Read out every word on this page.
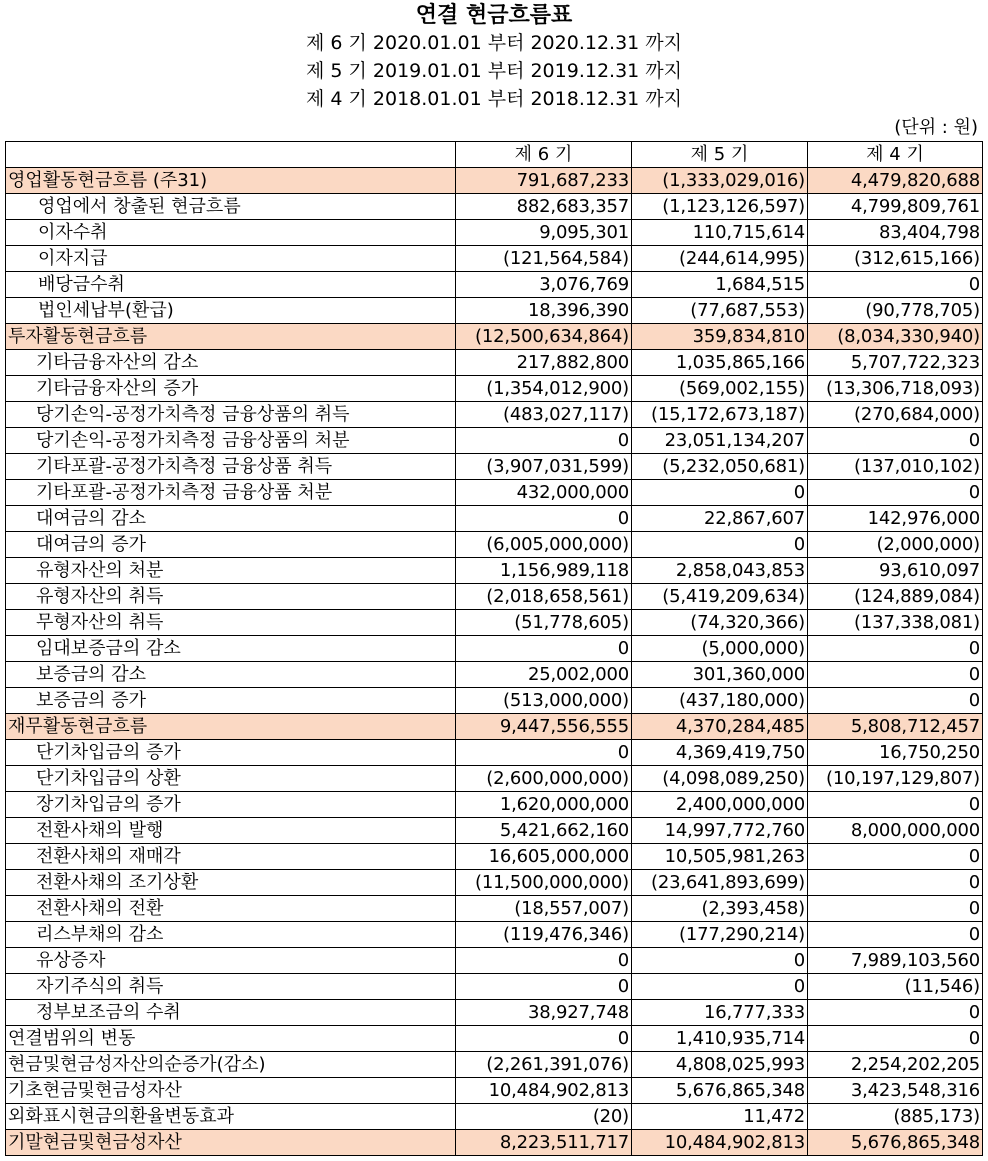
연결 현금흐름표
제 6 기 2020.01.01 부터 2020.12.31 까지
제 5 기 2019.01.01 부터 2019.12.31 까지
제 4 기 2018.01.01 부터 2018.12.31 까지
(단위 : 원)
	제 6 기	제 5 기	제 4 기
영업활동현금흐름 (주31)	791,687,233	(1,333,029,016)	4,479,820,688
영업에서 창출된 현금흐름	882,683,357	(1,123,126,597)	4,799,809,761
이자수취	9,095,301	110,715,614	83,404,798
이자지급	(121,564,584)	(244,614,995)	(312,615,166)
배당금수취	3,076,769	1,684,515	0
법인세납부(환급)	18,396,390	(77,687,553)	(90,778,705)
투자활동현금흐름	(12,500,634,864)	359,834,810	(8,034,330,940)
기타금융자산의 감소	217,882,800	1,035,865,166	5,707,722,323
기타금융자산의 증가	(1,354,012,900)	(569,002,155)	(13,306,718,093)
당기손익-공정가치측정 금융상품의 취득	(483,027,117)	(15,172,673,187)	(270,684,000)
당기손익-공정가치측정 금융상품의 처분	0	23,051,134,207	0
기타포괄-공정가치측정 금융상품 취득	(3,907,031,599)	(5,232,050,681)	(137,010,102)
기타포괄-공정가치측정 금융상품 처분	432,000,000	0	0
대여금의 감소	0	22,867,607	142,976,000
대여금의 증가	(6,005,000,000)	0	(2,000,000)
유형자산의 처분	1,156,989,118	2,858,043,853	93,610,097
유형자산의 취득	(2,018,658,561)	(5,419,209,634)	(124,889,084)
무형자산의 취득	(51,778,605)	(74,320,366)	(137,338,081)
임대보증금의 감소	0	(5,000,000)	0
보증금의 감소	25,002,000	301,360,000	0
보증금의 증가	(513,000,000)	(437,180,000)	0
재무활동현금흐름	9,447,556,555	4,370,284,485	5,808,712,457
단기차입금의 증가	0	4,369,419,750	16,750,250
단기차입금의 상환	(2,600,000,000)	(4,098,089,250)	(10,197,129,807)
장기차입금의 증가	1,620,000,000	2,400,000,000	0
전환사채의 발행	5,421,662,160	14,997,772,760	8,000,000,000
전환사채의 재매각	16,605,000,000	10,505,981,263	0
전환사채의 조기상환	(11,500,000,000)	(23,641,893,699)	0
전환사채의 전환	(18,557,007)	(2,393,458)	0
리스부채의 감소	(119,476,346)	(177,290,214)	0
유상증자	0	0	7,989,103,560
자기주식의 취득	0	0	(11,546)
정부보조금의 수취	38,927,748	16,777,333	0
연결범위의 변동	0	1,410,935,714	0
현금및현금성자산의순증가(감소)	(2,261,391,076)	4,808,025,993	2,254,202,205
기초현금및현금성자산	10,484,902,813	5,676,865,348	3,423,548,316
외화표시현금의환율변동효과	(20)	11,472	(885,173)
기말현금및현금성자산	8,223,511,717	10,484,902,813	5,676,865,348
